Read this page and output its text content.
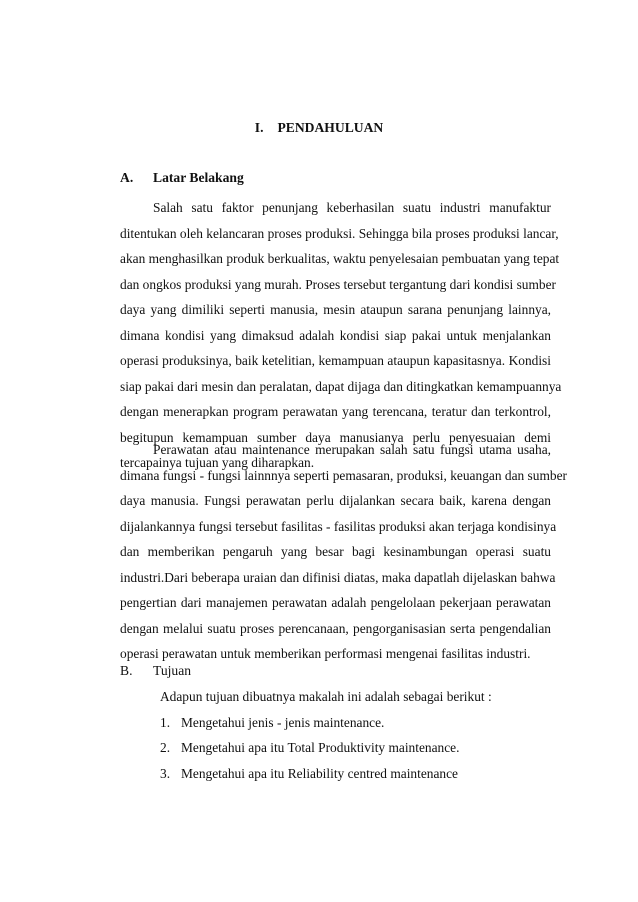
I. PENDAHULUAN
A. Latar Belakang
Salah satu faktor penunjang keberhasilan suatu industri manufaktur
ditentukan oleh kelancaran proses produksi. Sehingga bila proses produksi lancar,
akan menghasilkan produk berkualitas, waktu penyelesaian pembuatan yang tepat
dan ongkos produksi yang murah. Proses tersebut tergantung dari kondisi sumber
daya yang dimiliki seperti manusia, mesin ataupun sarana penunjang lainnya,
dimana kondisi yang dimaksud adalah kondisi siap pakai untuk menjalankan
operasi produksinya, baik ketelitian, kemampuan ataupun kapasitasnya. Kondisi
siap pakai dari mesin dan peralatan, dapat dijaga dan ditingkatkan kemampuannya
dengan menerapkan program perawatan yang terencana, teratur dan terkontrol,
begitupun kemampuan sumber daya manusianya perlu penyesuaian demi
tercapainya tujuan yang diharapkan.
Perawatan atau maintenance merupakan salah satu fungsi utama usaha,
dimana fungsi - fungsi lainnnya seperti pemasaran, produksi, keuangan dan sumber
daya manusia. Fungsi perawatan perlu dijalankan secara baik, karena dengan
dijalankannya fungsi tersebut fasilitas - fasilitas produksi akan terjaga kondisinya
dan memberikan pengaruh yang besar bagi kesinambungan operasi suatu
industri.Dari beberapa uraian dan difinisi diatas, maka dapatlah dijelaskan bahwa
pengertian dari manajemen perawatan adalah pengelolaan pekerjaan perawatan
dengan melalui suatu proses perencanaan, pengorganisasian serta pengendalian
operasi perawatan untuk memberikan performasi mengenai fasilitas industri.
B. Tujuan
Adapun tujuan dibuatnya makalah ini adalah sebagai berikut :
1. Mengetahui jenis - jenis maintenance.
2. Mengetahui apa itu Total Produktivity maintenance.
3. Mengetahui apa itu Reliability centred maintenance
